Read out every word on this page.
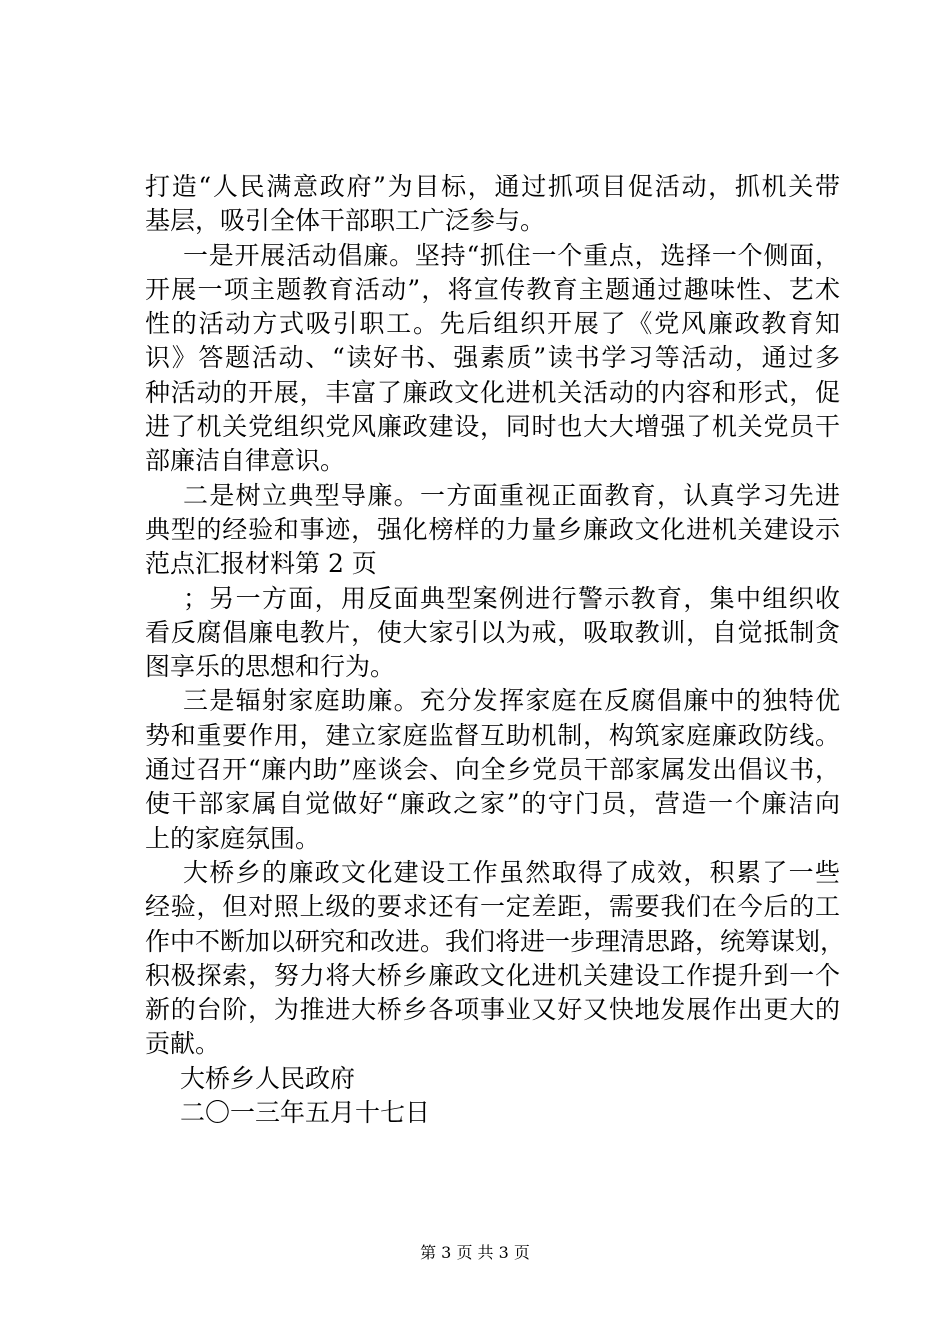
打造“人民满意政府”为目标，通过抓项目促活动，抓机关带
基层，吸引全体干部职工广泛参与。
一是开展活动倡廉。坚持“抓住一个重点，选择一个侧面，
开展一项主题教育活动”，将宣传教育主题通过趣味性、艺术
性的活动方式吸引职工。先后组织开展了《党风廉政教育知
识》答题活动、“读好书、强素质”读书学习等活动，通过多
种活动的开展，丰富了廉政文化进机关活动的内容和形式，促
进了机关党组织党风廉政建设，同时也大大增强了机关党员干
部廉洁自律意识。
二是树立典型导廉。一方面重视正面教育，认真学习先进
典型的经验和事迹，强化榜样的力量乡廉政文化进机关建设示
范点汇报材料第 2 页
；另一方面，用反面典型案例进行警示教育，集中组织收
看反腐倡廉电教片，使大家引以为戒，吸取教训，自觉抵制贪
图享乐的思想和行为。
三是辐射家庭助廉。充分发挥家庭在反腐倡廉中的独特优
势和重要作用，建立家庭监督互助机制，构筑家庭廉政防线。
通过召开“廉内助”座谈会、向全乡党员干部家属发出倡议书，
使干部家属自觉做好“廉政之家”的守门员，营造一个廉洁向
上的家庭氛围。
大桥乡的廉政文化建设工作虽然取得了成效，积累了一些
经验，但对照上级的要求还有一定差距，需要我们在今后的工
作中不断加以研究和改进。我们将进一步理清思路，统筹谋划，
积极探索，努力将大桥乡廉政文化进机关建设工作提升到一个
新的台阶，为推进大桥乡各项事业又好又快地发展作出更大的
贡献。
大桥乡人民政府
二〇一三年五月十七日
第 3 页 共 3 页
